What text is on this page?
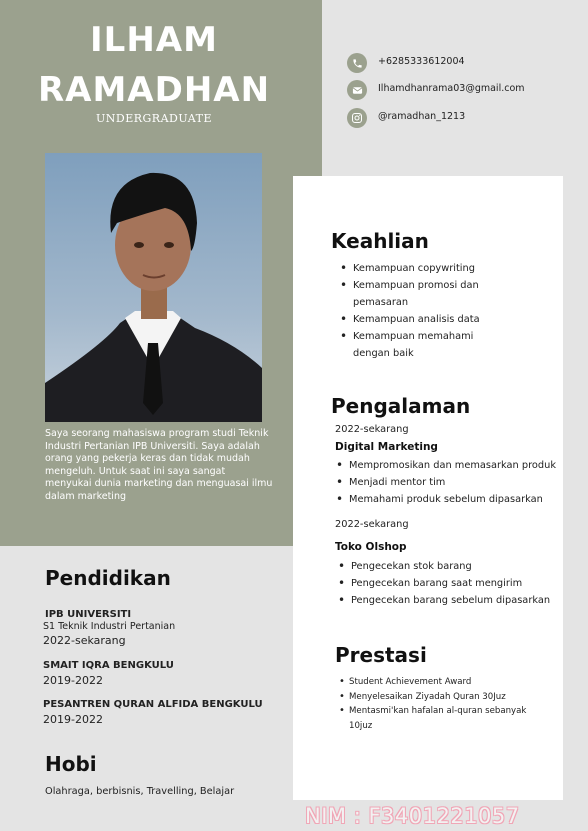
ILHAM
RAMADHAN
UNDERGRADUATE
Saya seorang mahasiswa program studi Teknik Industri Pertanian IPB Universiti. Saya adalah orang yang pekerja keras dan tidak mudah mengeluh. Untuk saat ini saya sangat menyukai dunia marketing dan menguasai ilmu dalam marketing
+6285333612004
Ilhamdhanrama03@gmail.com
@ramadhan_1213
Keahlian
• Kemampuan copywriting
• Kemampuan promosi dan
pemasaran
• Kemampuan analisis data
• Kemampuan memahami
dengan baik
Pengalaman
2022-sekarang
Digital Marketing
• Mempromosikan dan memasarkan produk
• Menjadi mentor tim
• Memahami produk sebelum dipasarkan
2022-sekarang
Toko Olshop
• Pengecekan stok barang
• Pengecekan barang saat mengirim
• Pengecekan barang sebelum dipasarkan
Prestasi
• Student Achievement Award
• Menyelesaikan Ziyadah Quran 30Juz
• Mentasmi'kan hafalan al-quran sebanyak
10juz
Pendidikan
IPB UNIVERSITI
S1 Teknik Industri Pertanian
2022-sekarang
SMAIT IQRA BENGKULU
2019-2022
PESANTREN QURAN ALFIDA BENGKULU
2019-2022
Hobi
Olahraga, berbisnis, Travelling, Belajar
NIM : F3401221057
